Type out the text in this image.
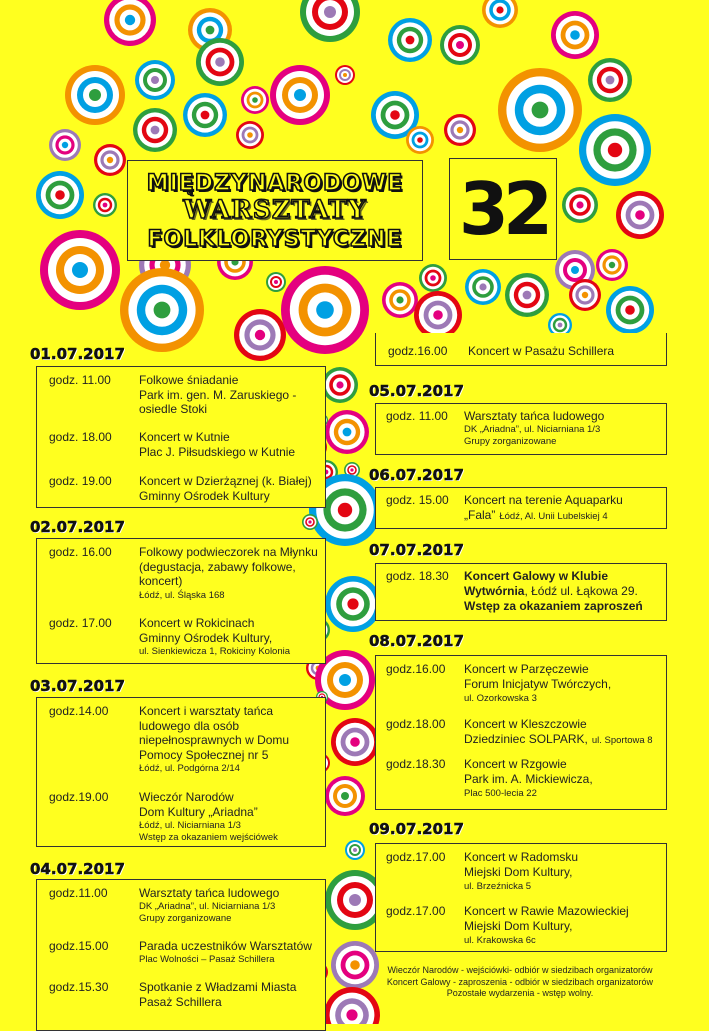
MIĘDZYNARODOWE
WARSZTATY
FOLKLORYSTYCZNE 32
01.07.2017
godz. 11.00 Folkowe śniadanie
Park im. gen. M. Zaruskiego -
osiedle Stoki
godz. 18.00 Koncert w Kutnie
Plac J. Piłsudskiego w Kutnie
godz. 19.00 Koncert w Dzierżąznej (k. Białej)
Gminny Ośrodek Kultury
02.07.2017
godz. 16.00 Folkowy podwieczorek na Młynku
(degustacja, zabawy folkowe,
koncert)
Łódź, ul. Śląska 168
godz. 17.00 Koncert w Rokicinach
Gminny Ośrodek Kultury,
ul. Sienkiewicza 1, Rokiciny Kolonia
03.07.2017
godz.14.00	Koncert i warsztaty tańca
ludowego dla osób
niepełnosprawnych w Domu
Pomocy Społecznej nr 5
Łódź, ul. Podgórna 2/14
godz.19.00	Wieczór Narodów
Dom Kultury „Ariadna”
Łódź, ul. Niciarniana 1/3
Wstęp za okazaniem wejściówek
04.07.2017
godz.11.00	Warsztaty tańca ludowego
DK „Ariadna”, ul. Niciarniana 1/3
Grupy zorganizowane
godz.15.00	Parada uczestników Warsztatów
Plac Wolności – Pasaż Schillera
godz.15.30	Spotkanie z Władzami Miasta
Pasaż Schillera
godz.16.00 Koncert w Pasażu Schillera
05.07.2017
godz. 11.00 Warsztaty tańca ludowego
DK „Ariadna”, ul. Niciarniana 1/3
Grupy zorganizowane
06.07.2017
godz. 15.00 Koncert na terenie Aquaparku
„Fala” Łódź, Al. Unii Lubelskiej 4
07.07.2017
godz. 18.30 Koncert Galowy w Klubie
Wytwórnia, Łódź ul. Łąkowa 29.
Wstęp za okazaniem zaproszeń
08.07.2017
godz.16.00 Koncert w Parzęczewie
Forum Inicjatyw Twórczych,
ul. Ozorkowska 3
godz.18.00 Koncert w Kleszczowie
Dziedziniec SOLPARK, ul. Sportowa 8
godz.18.30 Koncert w Rzgowie
Park im. A. Mickiewicza,
Plac 500-lecia 22
09.07.2017
godz.17.00 Koncert w Radomsku
Miejski Dom Kultury,
ul. Brzeźnicka 5
godz.17.00 Koncert w Rawie Mazowieckiej
Miejski Dom Kultury,
ul. Krakowska 6c
Wieczór Narodów - wejściówki- odbiór w siedzibach organizatorów
Koncert Galowy - zaproszenia - odbiór w siedzibach organizatorów
Pozostałe wydarzenia - wstęp wolny.
